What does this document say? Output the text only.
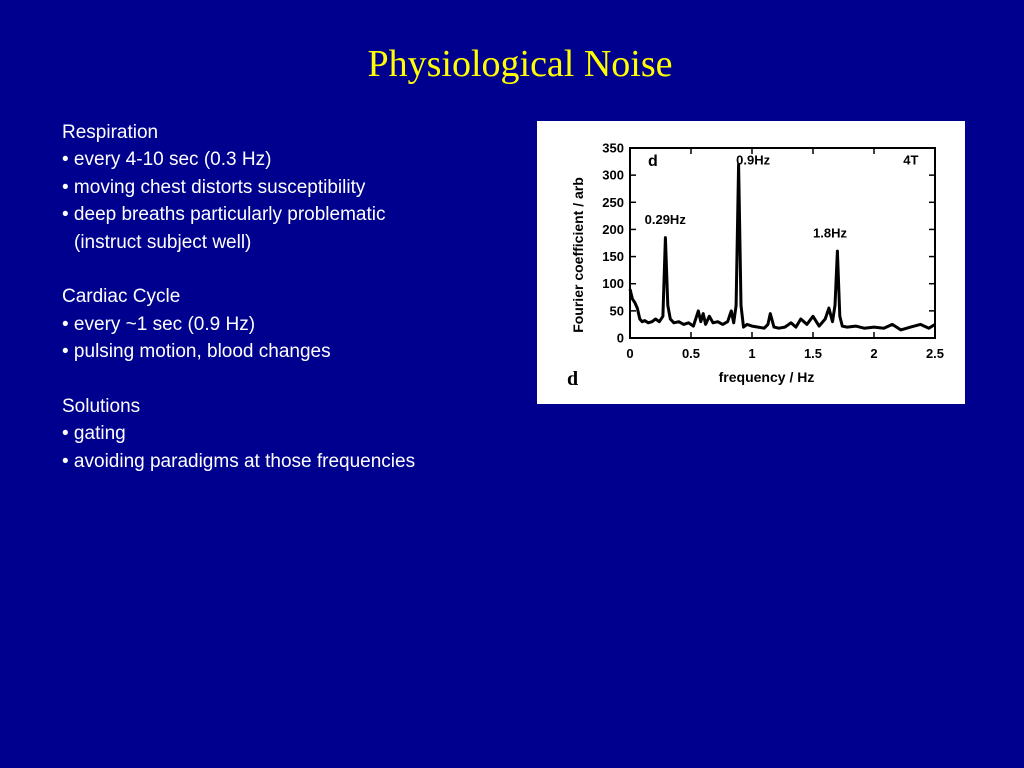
Physiological Noise
Respiration
• every 4-10 sec (0.3 Hz)
• moving chest distorts susceptibility
• deep breaths particularly problematic
(instruct subject well)
Cardiac Cycle
• every ~1 sec (0.9 Hz)
• pulsing motion, blood changes
Solutions
• gating
• avoiding paradigms at those frequencies
350
300
250
200
150
100
50
0
0	0.5	1	1.5	2	2.5
frequency / Hz
Fourier coefficient / arb	0.29Hz
0.9Hz
1.8Hz
4T
d
d
